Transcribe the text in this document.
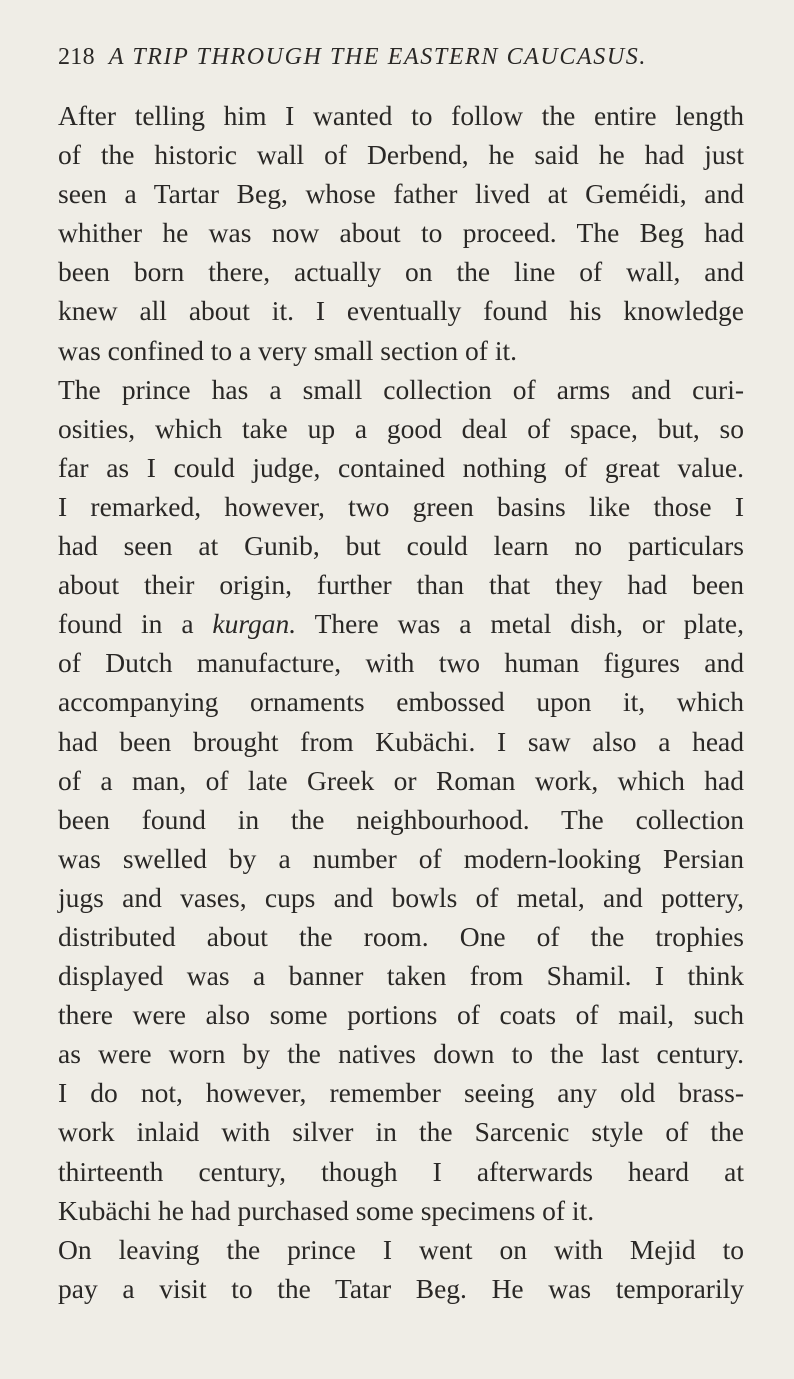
218 A TRIP THROUGH THE EASTERN CAUCASUS.
After telling him I wanted to follow the entire length
of the historic wall of Derbend, he said he had just
seen a Tartar Beg, whose father lived at Geméidi, and
whither he was now about to proceed. The Beg had
been born there, actually on the line of wall, and
knew all about it. I eventually found his knowledge
was confined to a very small section of it.
The prince has a small collection of arms and curi-
osities, which take up a good deal of space, but, so
far as I could judge, contained nothing of great value.
I remarked, however, two green basins like those I
had seen at Gunib, but could learn no particulars
about their origin, further than that they had been
found in a kurgan. There was a metal dish, or plate,
of Dutch manufacture, with two human figures and
accompanying ornaments embossed upon it, which
had been brought from Kubächi. I saw also a head
of a man, of late Greek or Roman work, which had
been found in the neighbourhood. The collection
was swelled by a number of modern-looking Persian
jugs and vases, cups and bowls of metal, and pottery,
distributed about the room. One of the trophies
displayed was a banner taken from Shamil. I think
there were also some portions of coats of mail, such
as were worn by the natives down to the last century.
I do not, however, remember seeing any old brass-
work inlaid with silver in the Sarcenic style of the
thirteenth century, though I afterwards heard at
Kubächi he had purchased some specimens of it.
On leaving the prince I went on with Mejid to
pay a visit to the Tatar Beg. He was temporarily
